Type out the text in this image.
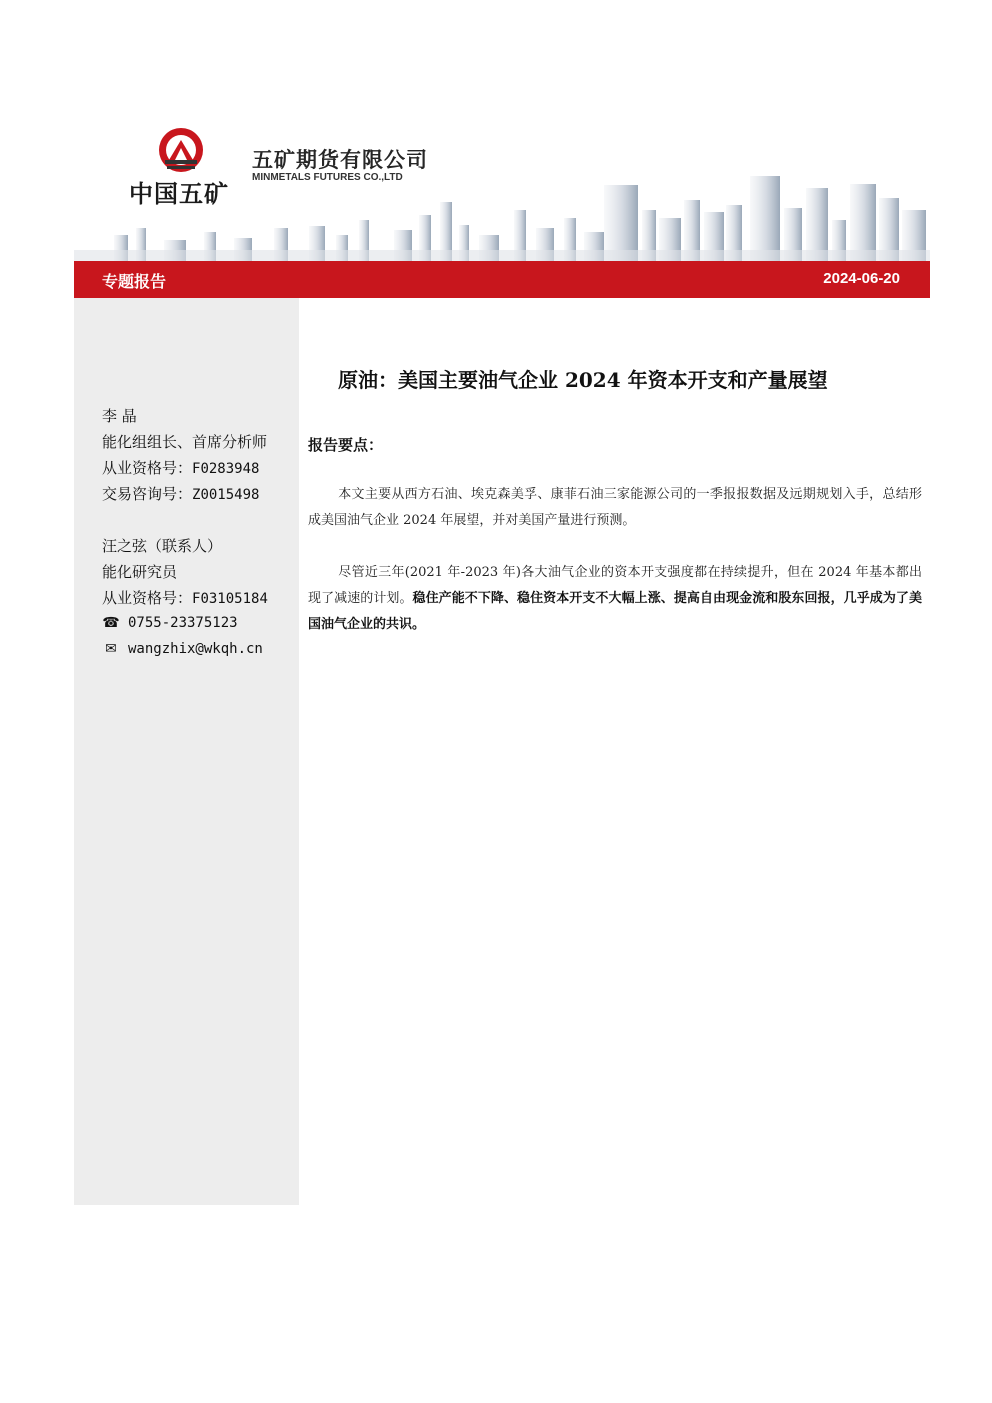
中国五矿
五矿期货有限公司
MINMETALS FUTURES CO.,LTD
专题报告	2024-06-20
李 晶
能化组组长、首席分析师
从业资格号：F0283948
交易咨询号：Z0015498
汪之弦（联系人）
能化研究员
从业资格号：F03105184
☎ 0755-23375123
✉ wangzhix@wkqh.cn
原油：美国主要油气企业 2024 年资本开支和产量展望
报告要点：
本文主要从西方石油、埃克森美孚、康菲石油三家能源公司的一季报报数据及远期规划入手，总结形成美国油气企业 2024 年展望，并对美国产量进行预测。
尽管近三年(2021 年-2023 年)各大油气企业的资本开支强度都在持续提升，但在 2024 年基本都出现了减速的计划。稳住产能不下降、稳住资本开支不大幅上涨、提高自由现金流和股东回报，几乎成为了美国油气企业的共识。
